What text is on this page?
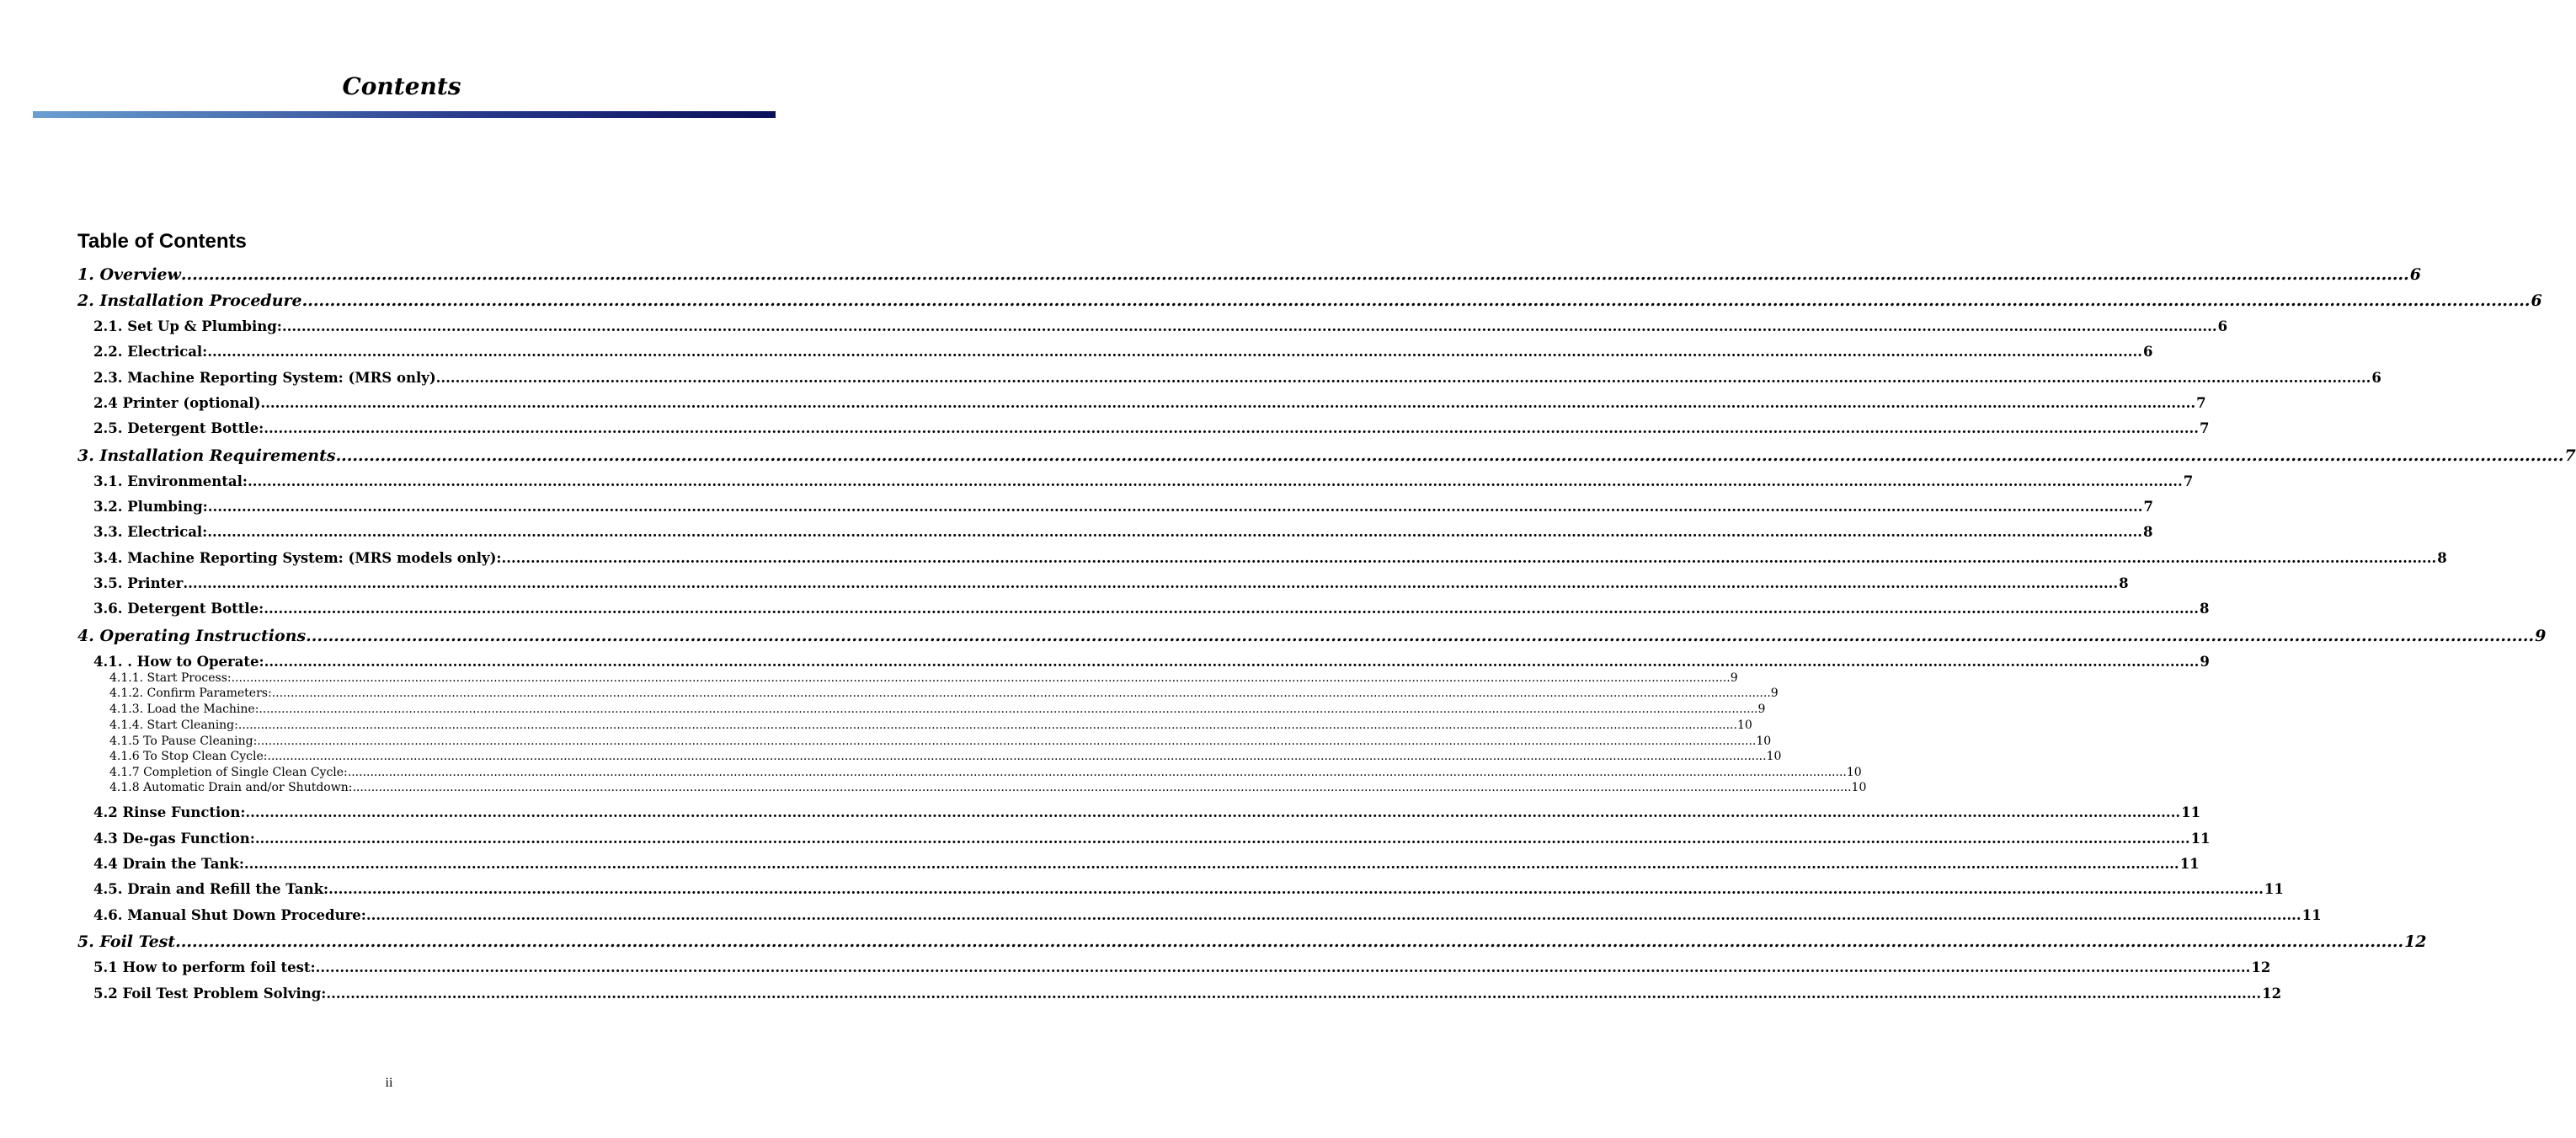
Contents
Table of Contents
1. Overview ................................................................................................................................................................................................................................................................................................................................................................................................................ 6
2. Installation Procedure ................................................................................................................................................................................................................................................................................................................................................................................................................ 6
2.1. Set Up & Plumbing: ................................................................................................................................................................................................................................................................................................................................................................................................................ 6
2.2. Electrical: ................................................................................................................................................................................................................................................................................................................................................................................................................ 6
2.3. Machine Reporting System: (MRS only) ................................................................................................................................................................................................................................................................................................................................................................................................................ 6
2.4 Printer (optional) ................................................................................................................................................................................................................................................................................................................................................................................................................ 7
2.5. Detergent Bottle: ................................................................................................................................................................................................................................................................................................................................................................................................................ 7
3. Installation Requirements ................................................................................................................................................................................................................................................................................................................................................................................................................ 7
3.1. Environmental: ................................................................................................................................................................................................................................................................................................................................................................................................................ 7
3.2. Plumbing: ................................................................................................................................................................................................................................................................................................................................................................................................................ 7
3.3. Electrical: ................................................................................................................................................................................................................................................................................................................................................................................................................ 8
3.4. Machine Reporting System: (MRS models only): ................................................................................................................................................................................................................................................................................................................................................................................................................ 8
3.5. Printer ................................................................................................................................................................................................................................................................................................................................................................................................................ 8
3.6. Detergent Bottle: ................................................................................................................................................................................................................................................................................................................................................................................................................ 8
4. Operating Instructions ................................................................................................................................................................................................................................................................................................................................................................................................................ 9
4.1. . How to Operate: ................................................................................................................................................................................................................................................................................................................................................................................................................ 9
4.1.1. Start Process: ................................................................................................................................................................................................................................................................................................................................................................................................................ 9
4.1.2. Confirm Parameters: ................................................................................................................................................................................................................................................................................................................................................................................................................ 9
4.1.3. Load the Machine: ................................................................................................................................................................................................................................................................................................................................................................................................................ 9
4.1.4. Start Cleaning: ................................................................................................................................................................................................................................................................................................................................................................................................................ 10
4.1.5 To Pause Cleaning: ................................................................................................................................................................................................................................................................................................................................................................................................................ 10
4.1.6 To Stop Clean Cycle: ................................................................................................................................................................................................................................................................................................................................................................................................................ 10
4.1.7 Completion of Single Clean Cycle: ................................................................................................................................................................................................................................................................................................................................................................................................................ 10
4.1.8 Automatic Drain and/or Shutdown: ................................................................................................................................................................................................................................................................................................................................................................................................................ 10
4.2 Rinse Function: ................................................................................................................................................................................................................................................................................................................................................................................................................ 11
4.3 De-gas Function: ................................................................................................................................................................................................................................................................................................................................................................................................................ 11
4.4 Drain the Tank: ................................................................................................................................................................................................................................................................................................................................................................................................................ 11
4.5. Drain and Refill the Tank: ................................................................................................................................................................................................................................................................................................................................................................................................................ 11
4.6. Manual Shut Down Procedure: ................................................................................................................................................................................................................................................................................................................................................................................................................ 11
5. Foil Test ................................................................................................................................................................................................................................................................................................................................................................................................................ 12
5.1 How to perform foil test: ................................................................................................................................................................................................................................................................................................................................................................................................................ 12
5.2 Foil Test Problem Solving: ................................................................................................................................................................................................................................................................................................................................................................................................................ 12
ii
